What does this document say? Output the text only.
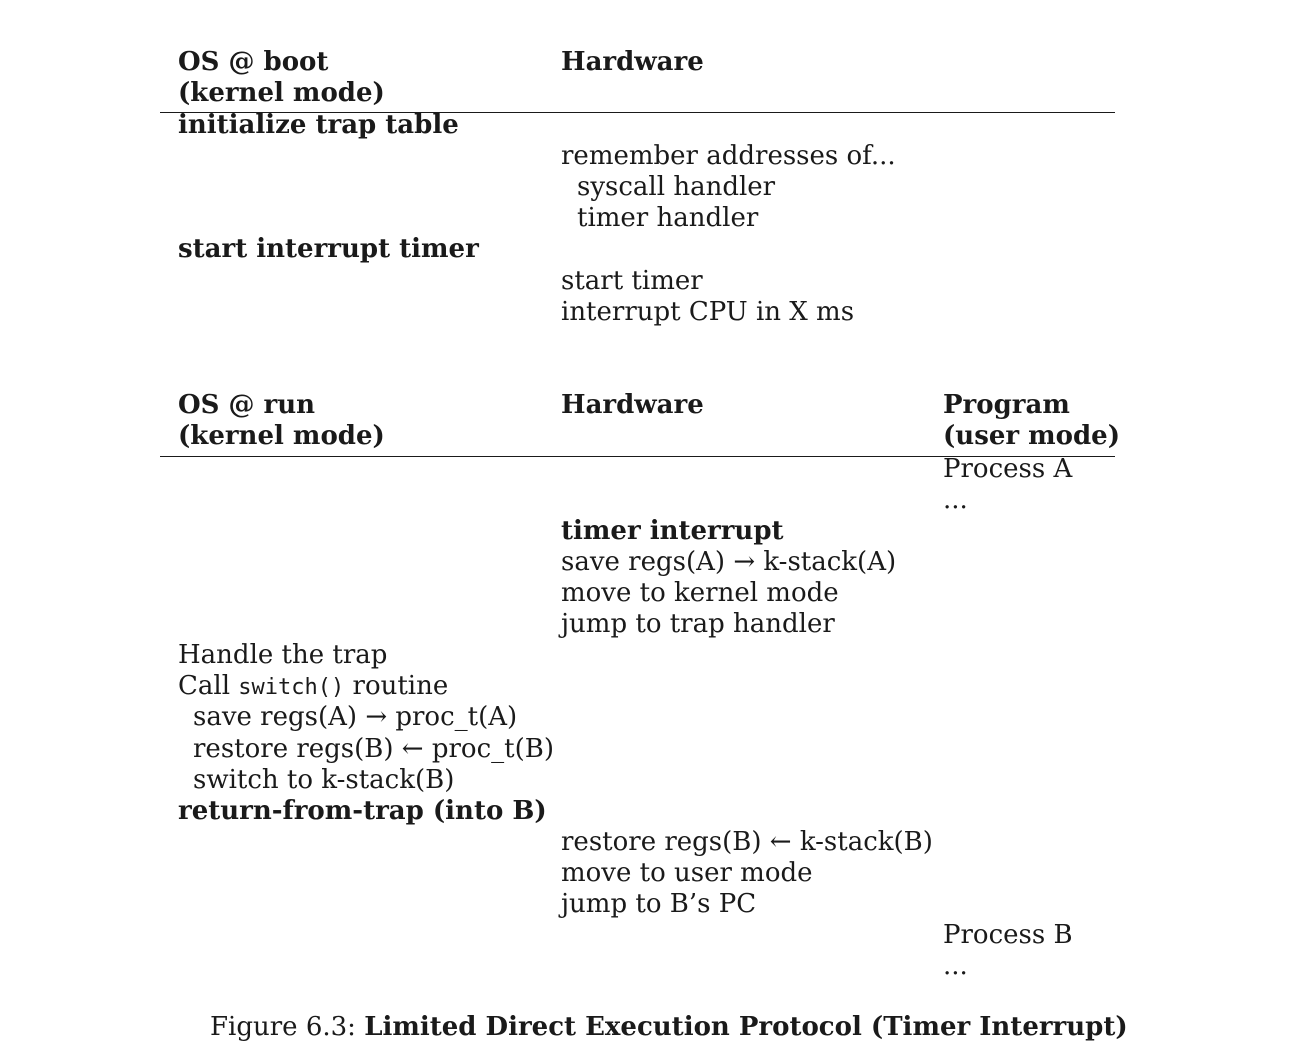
OS @ boot
(kernel mode)
Hardware
initialize trap table
remember addresses of...
syscall handler
timer handler
start interrupt timer
start timer
interrupt CPU in X ms
OS @ run
(kernel mode)
Hardware	Program
(user mode)
Process A
...
timer interrupt
save regs(A) → k-stack(A)
move to kernel mode
jump to trap handler
Handle the trap
Call switch() routine
save regs(A) → proc_t(A)
restore regs(B) ← proc_t(B)
switch to k-stack(B)
return-from-trap (into B)
restore regs(B) ← k-stack(B)
move to user mode
jump to B’s PC
Process B
...
Figure 6.3: Limited Direct Execution Protocol (Timer Interrupt)
